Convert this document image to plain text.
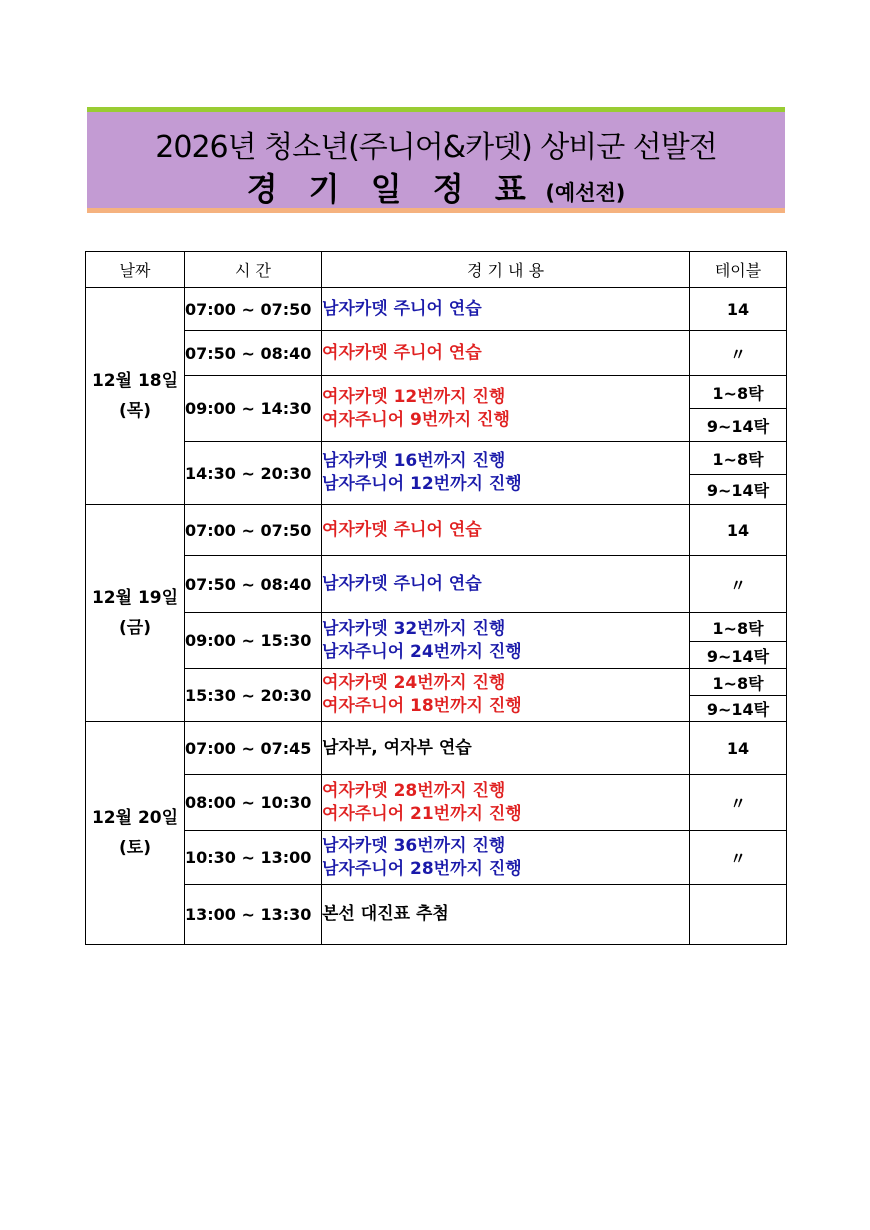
2026년 청소년(주니어&카뎃) 상비군 선발전
경 기 일 정 표 (예선전)
날짜	시 간	경 기 내 용	테이블

12월 18일
(목)	07:00 ~ 07:50	남자카뎃 주니어 연습	14
	07:50 ~ 08:40	여자카뎃 주니어 연습	〃
	09:00 ~ 14:30	여자카뎃 12번까지 진행
여자주니어 9번까지 진행	1~8탁
			9~14탁
	14:30 ~ 20:30	남자카뎃 16번까지 진행
남자주니어 12번까지 진행	1~8탁
			9~14탁

12월 19일
(금)	07:00 ~ 07:50	여자카뎃 주니어 연습	14
	07:50 ~ 08:40	남자카뎃 주니어 연습	〃
	09:00 ~ 15:30	남자카뎃 32번까지 진행
남자주니어 24번까지 진행	1~8탁
			9~14탁
	15:30 ~ 20:30	여자카뎃 24번까지 진행
여자주니어 18번까지 진행	1~8탁
			9~14탁

12월 20일
(토)	07:00 ~ 07:45	남자부, 여자부 연습	14
	08:00 ~ 10:30	여자카뎃 28번까지 진행
여자주니어 21번까지 진행	〃
	10:30 ~ 13:00	남자카뎃 36번까지 진행
남자주니어 28번까지 진행	〃
	13:00 ~ 13:30	본선 대진표 추첨	
